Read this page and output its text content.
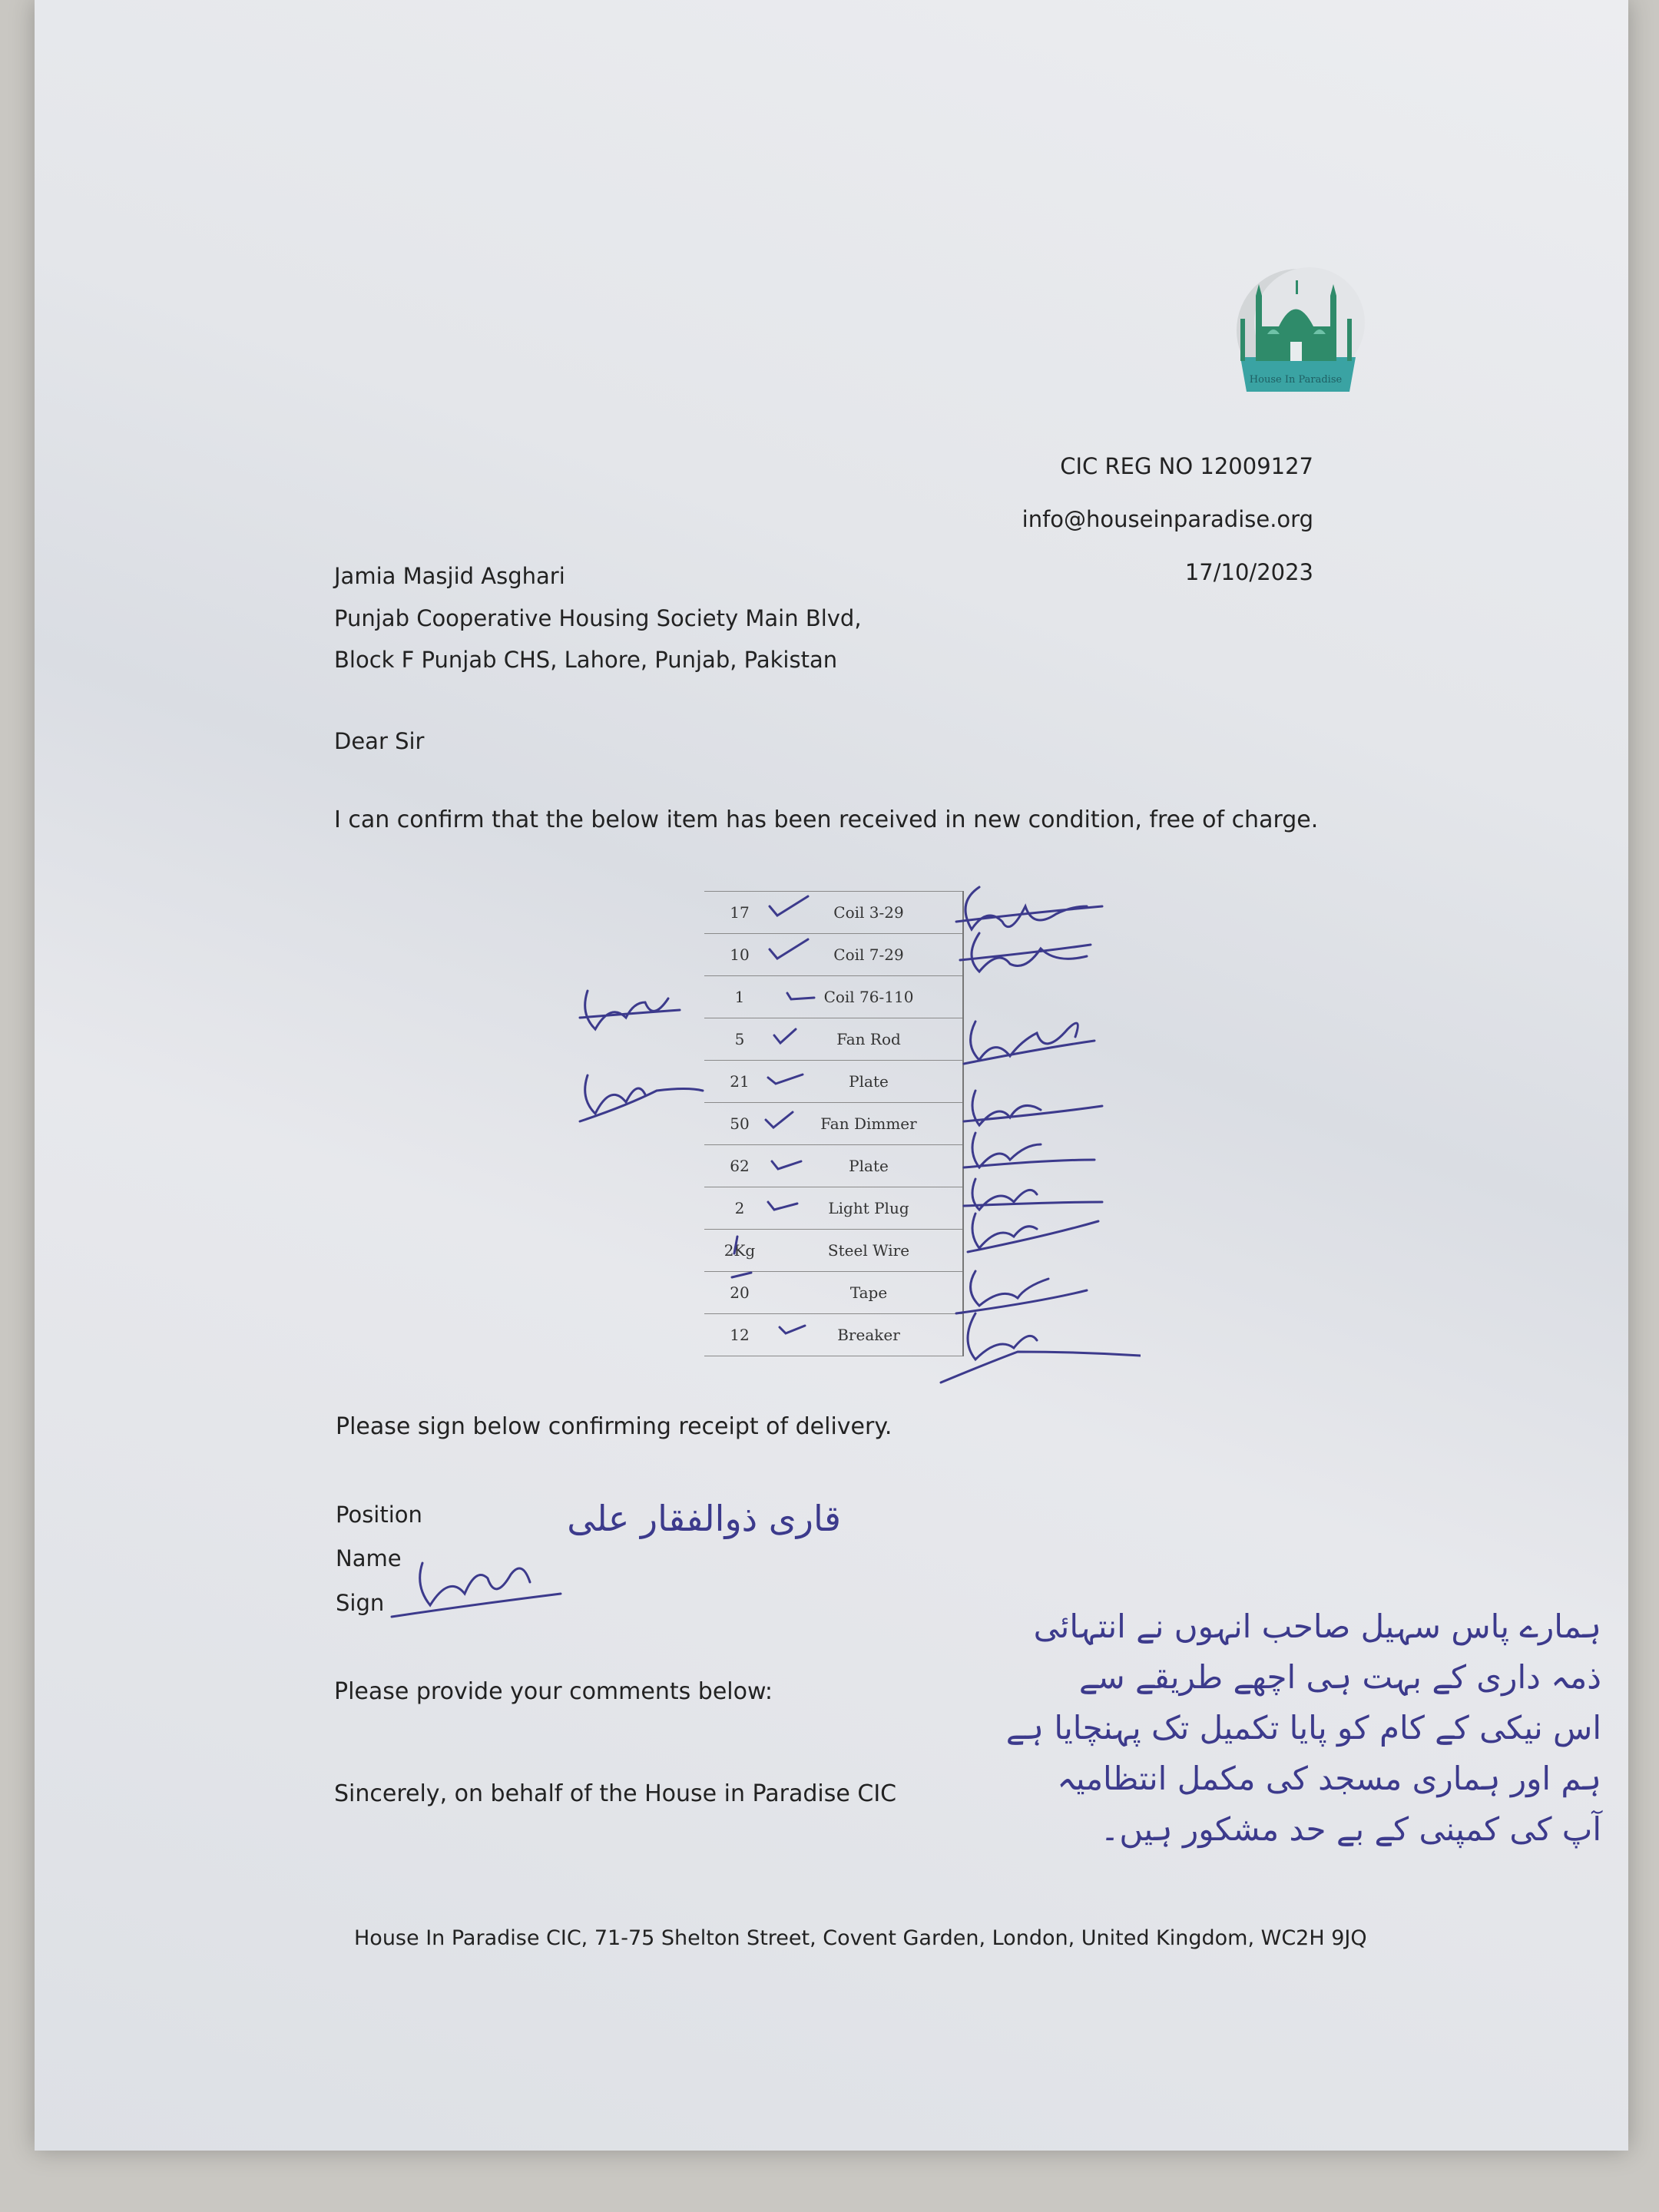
House In Paradise
CIC REG NO 12009127
info@houseinparadise.org
17/10/2023
Jamia Masjid Asghari
Punjab Cooperative Housing Society Main Blvd,
Block F Punjab CHS, Lahore, Punjab, Pakistan
Dear Sir
I can confirm that the below item has been received in new condition, free of charge.
17	Coil 3-29
10	Coil 7-29
1	Coil 76-110
5	Fan Rod
21	Plate
50	Fan Dimmer
62	Plate
2	Light Plug
2Kg	Steel Wire
20	Tape
12	Breaker
Please sign below confirming receipt of delivery.
Position
Name
Sign
قاری ذوالفقار علی
Please provide your comments below:
Sincerely, on behalf of the House in Paradise CIC
ہمارے پاس سہیل صاحب انہوں نے انتہائی
ذمہ داری کے بہت ہی اچھے طریقے سے
اس نیکی کے کام کو پایا تکمیل تک پہنچایا ہے
ہم اور ہماری مسجد کی مکمل انتظامیہ
آپ کی کمپنی کے بے حد مشکور ہیں۔
House In Paradise CIC, 71-75 Shelton Street, Covent Garden, London, United Kingdom, WC2H 9JQ
